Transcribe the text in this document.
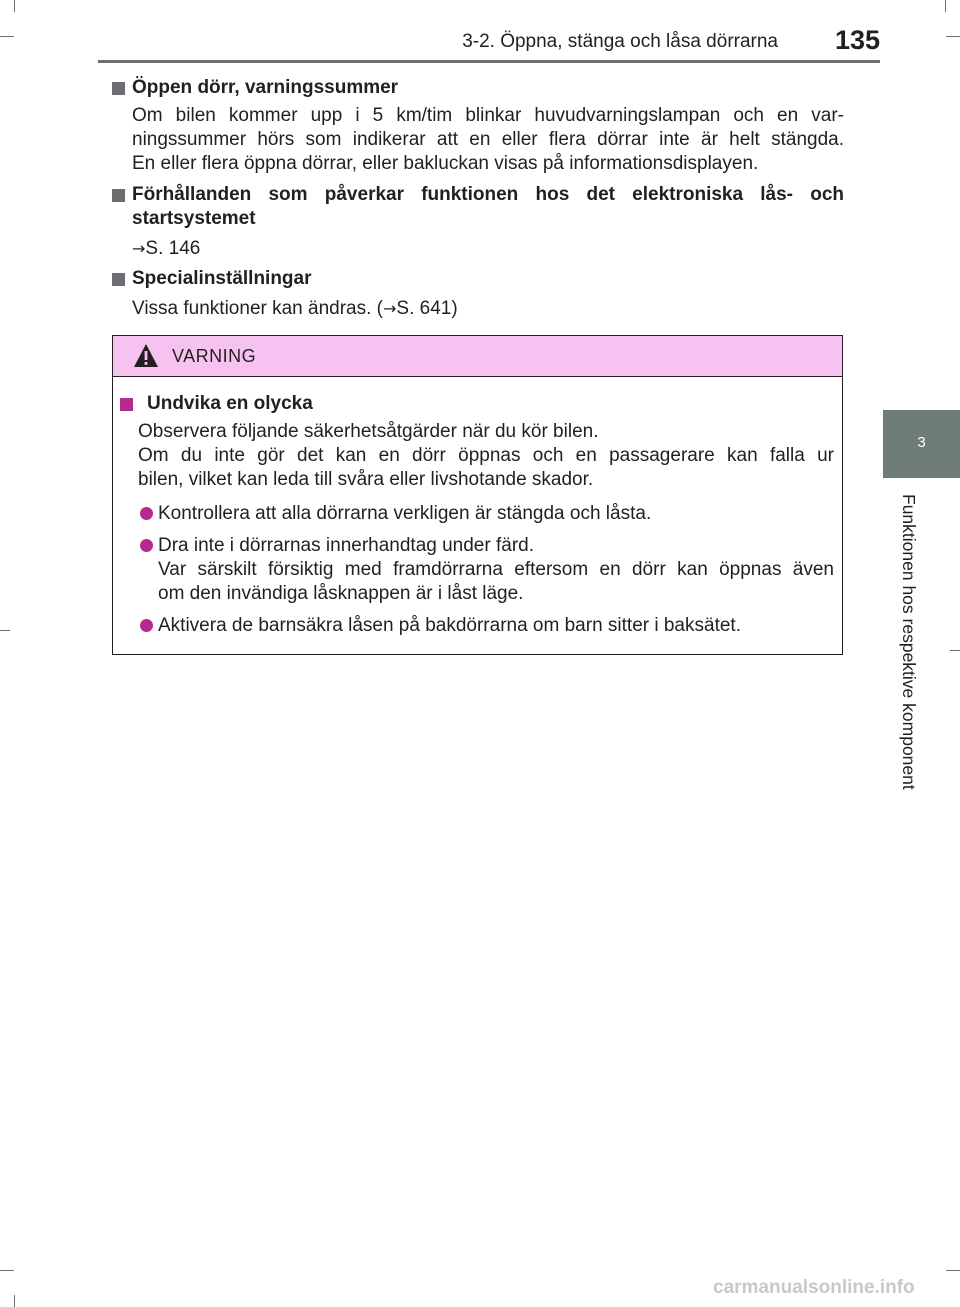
3-2. Öppna, stänga och låsa dörrarna	135
3
Funktionen hos respektive komponent
Öppen dörr, varningssummer
Om bilen kommer upp i 5 km/tim blinkar huvudvarningslampan och en var-
ningssummer hörs som indikerar att en eller flera dörrar inte är helt stängda.
En eller flera öppna dörrar, eller bakluckan visas på informationsdisplayen.
Förhållanden som påverkar funktionen hos det elektroniska lås- och
startsystemet
→S. 146
Specialinställningar
Vissa funktioner kan ändras. (→S. 641)
VARNING
Undvika en olycka
Observera följande säkerhetsåtgärder när du kör bilen.
Om du inte gör det kan en dörr öppnas och en passagerare kan falla ur
bilen, vilket kan leda till svåra eller livshotande skador.
Kontrollera att alla dörrarna verkligen är stängda och låsta.
Dra inte i dörrarnas innerhandtag under färd.
Var särskilt försiktig med framdörrarna eftersom en dörr kan öppnas även
om den invändiga låsknappen är i låst läge.
Aktivera de barnsäkra låsen på bakdörrarna om barn sitter i baksätet.
carmanualsonline.info
